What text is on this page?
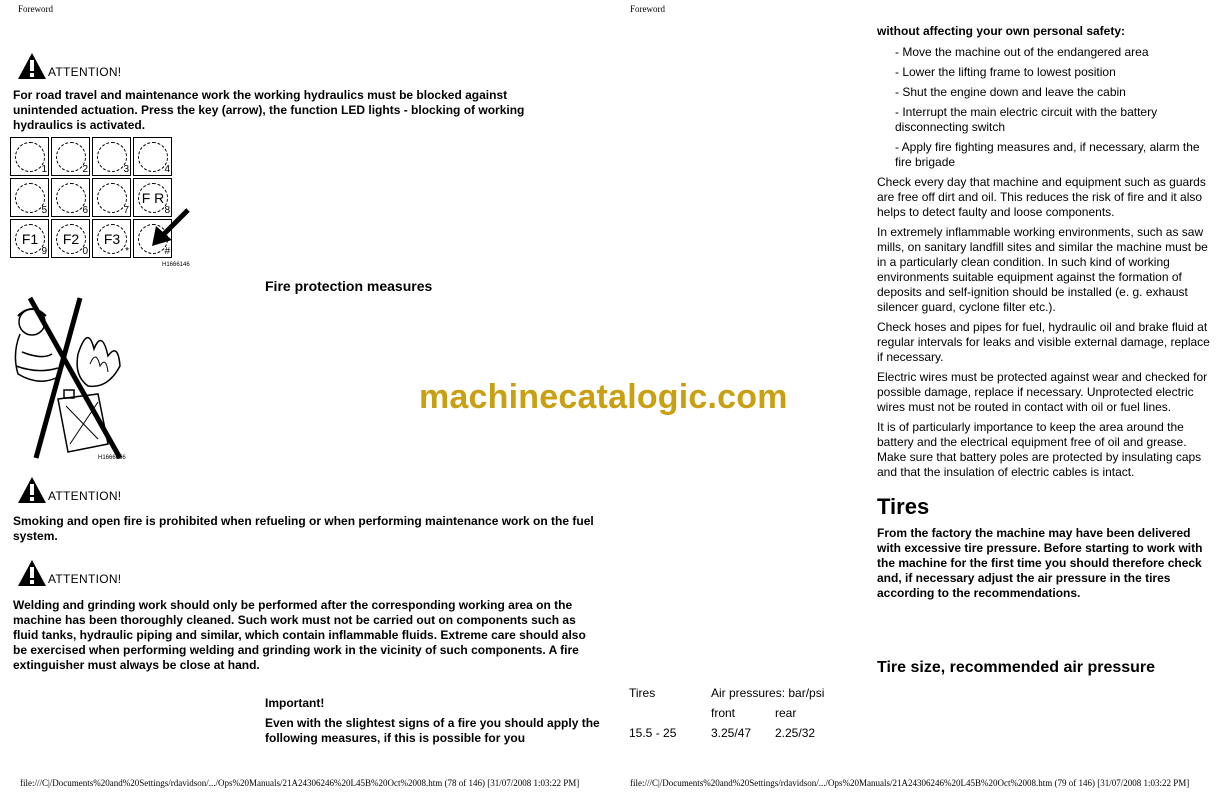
Foreword
ATTENTION!
For road travel and maintenance work the working hydraulics must be blocked against unintended actuation. Press the key (arrow), the function LED lights - blocking of working hydraulics is activated.
1	2	3	4
5	6	7
F R
8
F1
9
F2
0
F3
*	#
H1666146
Fire protection measures
H1666656
ATTENTION!
Smoking and open fire is prohibited when refueling or when performing maintenance work on the fuel system.
ATTENTION!
Welding and grinding work should only be performed after the corresponding working area on the machine has been thoroughly cleaned. Such work must not be carried out on components such as fluid tanks, hydraulic piping and similar, which contain inflammable fluids. Extreme care should also be exercised when performing welding and grinding work in the vicinity of such components. A fire extinguisher must always be close at hand.
Important!
Even with the slightest signs of a fire you should apply the following measures, if this is possible for you
file:///C|/Documents%20and%20Settings/rdavidson/.../Ops%20Manuals/21A24306246%20L45B%20Oct%2008.htm (78 of 146) [31/07/2008 1:03:22 PM]
machinecatalogic.com
Foreword
without affecting your own personal safety:
- Move the machine out of the endangered area
- Lower the lifting frame to lowest position
- Shut the engine down and leave the cabin
- Interrupt the main electric circuit with the battery disconnecting switch
- Apply fire fighting measures and, if necessary, alarm the fire brigade
Check every day that machine and equipment such as guards are free off dirt and oil. This reduces the risk of fire and it also helps to detect faulty and loose components.
In extremely inflammable working environments, such as saw mills, on sanitary landfill sites and similar the machine must be in a particularly clean condition. In such kind of working environments suitable equipment against the formation of deposits and self-ignition should be installed (e. g. exhaust silencer guard, cyclone filter etc.).
Check hoses and pipes for fuel, hydraulic oil and brake fluid at regular intervals for leaks and visible external damage, replace if necessary.
Electric wires must be protected against wear and checked for possible damage, replace if necessary. Unprotected electric wires must not be routed in contact with oil or fuel lines.
It is of particularly importance to keep the area around the battery and the electrical equipment free of oil and grease. Make sure that battery poles are protected by insulating caps and that the insulation of electric cables is intact.
Tires
From the factory the machine may have been delivered with excessive tire pressure. Before starting to work with the machine for the first time you should therefore check and, if necessary adjust the air pressure in the tires according to the recommendations.
Tire size, recommended air pressure
Tires	Air pressures: bar/psi	
	front	rear
15.5 - 25	3.25/47	2.25/32
file:///C|/Documents%20and%20Settings/rdavidson/.../Ops%20Manuals/21A24306246%20L45B%20Oct%2008.htm (79 of 146) [31/07/2008 1:03:22 PM]
